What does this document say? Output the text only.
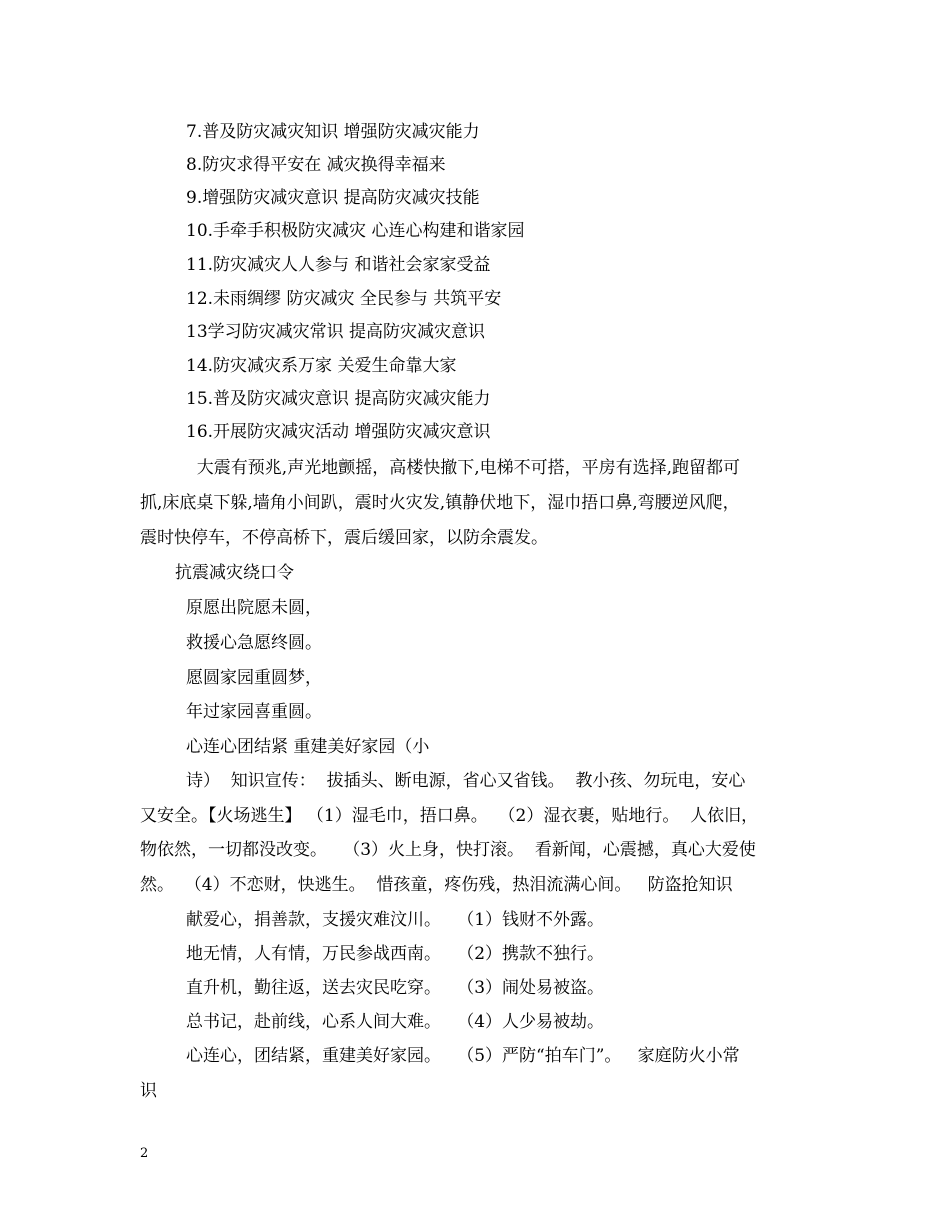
7.普及防灾减灾知识 增强防灾减灾能力
8.防灾求得平安在 减灾换得幸福来
9.增强防灾减灾意识 提高防灾减灾技能
10.手牵手积极防灾减灾 心连心构建和谐家园
11.防灾减灾人人参与 和谐社会家家受益
12.未雨绸缪 防灾减灾 全民参与 共筑平安
13学习防灾减灾常识 提高防灾减灾意识
14.防灾减灾系万家 关爱生命靠大家
15.普及防灾减灾意识 提高防灾减灾能力
16.开展防灾减灾活动 增强防灾减灾意识
大震有预兆,声光地颤摇，高楼快撤下,电梯不可搭，平房有选择,跑留都可
抓,床底桌下躲,墙角小间趴，震时火灾发,镇静伏地下，湿巾捂口鼻,弯腰逆风爬，
震时快停车，不停高桥下，震后缓回家，以防余震发。
抗震减灾绕口令
原愿出院愿未圆，
救援心急愿终圆。
愿圆家园重圆梦，
年过家园喜重圆。
心连心团结紧 重建美好家园（小
诗）  知识宣传：  拔插头、断电源，省心又省钱。  教小孩、勿玩电，安心
又安全。【火场逃生】 （1）湿毛巾，捂口鼻。  （2）湿衣裹，贴地行。  人依旧，
物依然，一切都没改变。   （3）火上身，快打滚。  看新闻，心震撼，真心大爱使
然。  （4）不恋财，快逃生。  惜孩童，疼伤残，热泪流满心间。   防盗抢知识
献爱心，捐善款，支援灾难汶川。   （1）钱财不外露。
地无情，人有情，万民参战西南。   （2）携款不独行。
直升机，勤往返，送去灾民吃穿。   （3）闹处易被盗。
总书记，赴前线，心系人间大难。   （4）人少易被劫。
心连心，团结紧，重建美好家园。   （5）严防“拍车门”。   家庭防火小常
识
2
